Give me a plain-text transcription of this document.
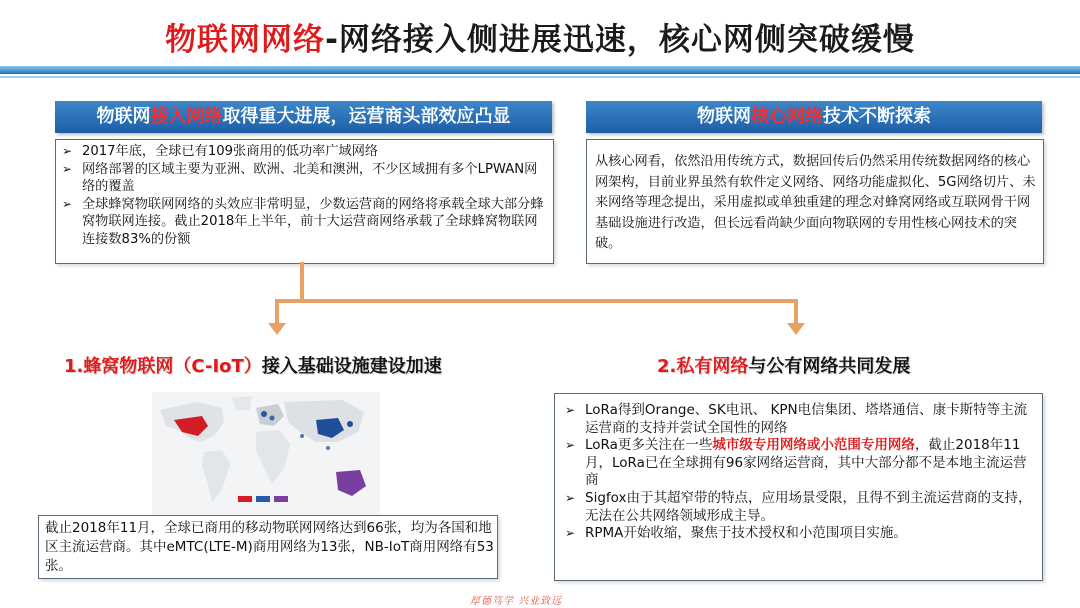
物联网网络-网络接入侧进展迅速，核心网侧突破缓慢
➢ 2017年底，全球已有109张商用的低功率广域网络
➢ 网络部署的区域主要为亚洲、欧洲、北美和澳洲，不少区域拥有多个LPWAN网络的覆盖
➢ 全球蜂窝物联网网络的头效应非常明显，少数运营商的网络将承载全球大部分蜂窝物联网连接。截止2018年上半年，前十大运营商网络承载了全球蜂窝物联网连接数83%的份额
物联网接入网络取得重大进展，运营商头部效应凸显

从核心网看，依然沿用传统方式，数据回传后仍然采用传统数据网络的核心网架构，目前业界虽然有软件定义网络、网络功能虚拟化、5G网络切片、未来网络等理念提出，采用虚拟或单独重建的理念对蜂窝网络或互联网骨干网基础设施进行改造，但长远看尚缺少面向物联网的专用性核心网技术的突破。

物联网核心网络技术不断探索
1.蜂窝物联网（C-IoT）接入基础设施建设加速	2.私有网络与公有网络共同发展

截止2018年11月，全球已商用的移动物联网网络达到66张，均为各国和地区主流运营商。其中eMTC(LTE-M)商用网络为13张，NB-IoT商用网络有53张。

➢ LoRa得到Orange、SK电讯、 KPN电信集团、塔塔通信、康卡斯特等主流运营商的支持并尝试全国性的网络
➢ LoRa更多关注在一些城市级专用网络或小范围专用网络，截止2018年11月，LoRa已在全球拥有96家网络运营商，其中大部分都不是本地主流运营商
➢ Sigfox由于其超窄带的特点，应用场景受限，且得不到主流运营商的支持，无法在公共网络领域形成主导。
➢ RPMA开始收缩，聚焦于技术授权和小范围项目实施。
厚德笃学 兴业致远
